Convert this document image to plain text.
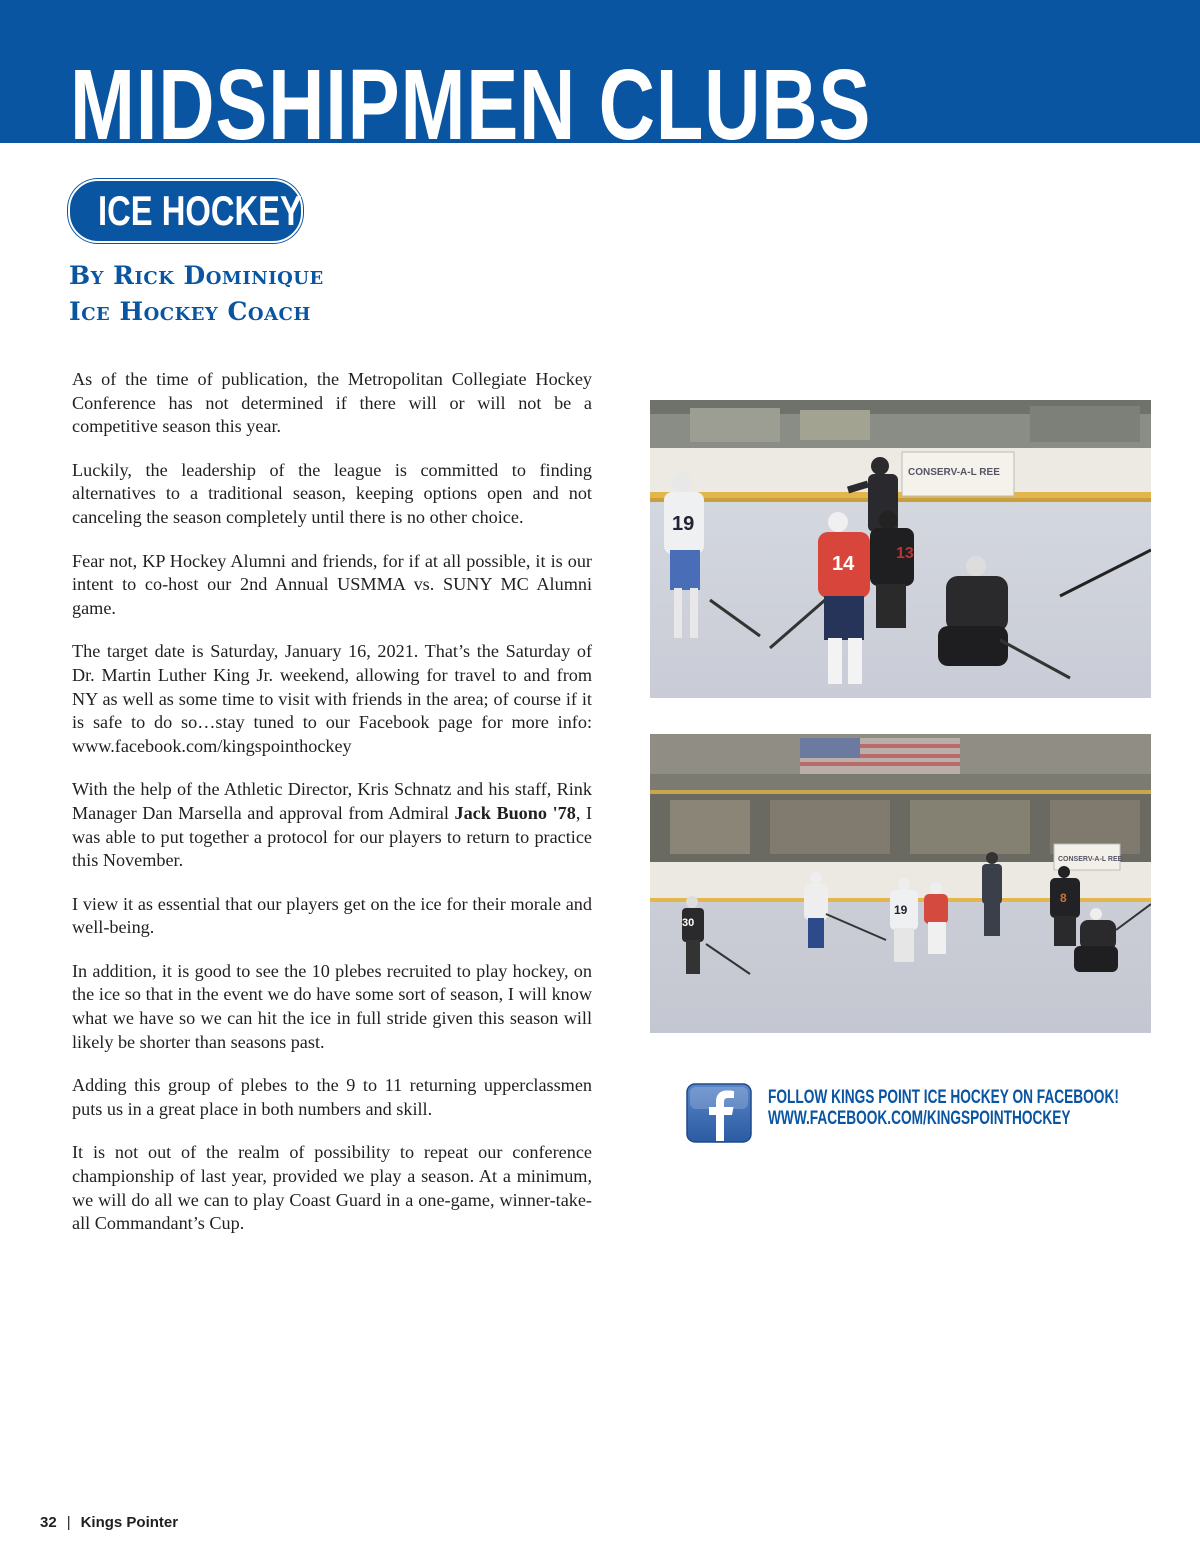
MIDSHIPMEN CLUBS
ICE HOCKEY
By Rick Dominique
Ice Hockey Coach

As of the time of publication, the Metropolitan Collegiate Hockey Conference has not determined if there will or will not be a competitive season this year.

Luckily, the leadership of the league is committed to finding alternatives to a traditional season, keeping options open and not canceling the season completely until there is no other choice.

Fear not, KP Hockey Alumni and friends, for if at all possible, it is our intent to co-host our 2nd Annual USMMA vs. SUNY MC Alumni game.

The target date is Saturday, January 16, 2021. That’s the Saturday of Dr. Martin Luther King Jr. weekend, allowing for travel to and from NY as well as some time to visit with friends in the area; of course if it is safe to do so…stay tuned to our Facebook page for more info: www.facebook.com/kingspointhockey

With the help of the Athletic Director, Kris Schnatz and his staff, Rink Manager Dan Marsella and approval from Admiral Jack Buono '78, I was able to put together a protocol for our players to return to practice this November.

I view it as essential that our players get on the ice for their morale and well-being.

In addition, it is good to see the 10 plebes recruited to play hockey, on the ice so that in the event we do have some sort of season, I will know what we have so we can hit the ice in full stride given this season will likely be shorter than seasons past.

Adding this group of plebes to the 9 to 11 returning upperclassmen puts us in a great place in both numbers and skill.

It is not out of the realm of possibility to repeat our conference championship of last year, provided we play a season. At a minimum, we will do all we can to play Coast Guard in a one-game, winner-take-all Commandant’s Cup.

CONSERV-A-L REE
19
14	13
CONSERV-A-L REE
30
19
8
FOLLOW KINGS POINT ICE HOCKEY ON FACEBOOK!
WWW.FACEBOOK.COM/KINGSPOINTHOCKEY
32 | Kings Pointer
